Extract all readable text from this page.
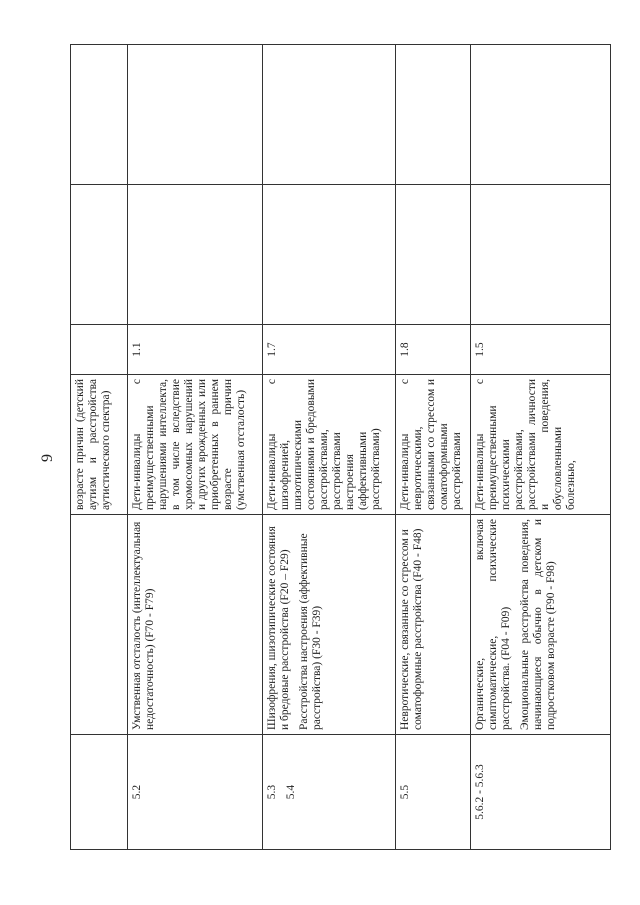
9
		возрасте причин (детский аутизм и расстройства аутистического спектра)			
5.2	Умственная отсталость (интеллектуальная недостаточность) (F70 - F79)	Дети-инвалиды с преимущественными нарушениями интеллекта, в том числе вследствие хромосомных нарушений и других врожденных или приобретенных в раннем возрасте причин (умственная отсталость)	1.1		

5.3 5.4	Шизофрения, шизотипические состояния и бредовые расстройства (F20 – F29) Расстройства настроения (аффективные расстройства) (F30 - F39)	Дети-инвалиды с шизофренией, шизотипическими состояниями и бредовыми расстройствами, расстройствами настроения (аффективными расстройствами)	1.7		
5.5	Невротические, связанные со стрессом и соматоформные расстройства (F40 - F48)	Дети-инвалиды с невротическими, связанными со стрессом и соматоформными расстройствами	1.8		
5.6.2 - 5.6.3	Органические, включая симптоматические, психические расстройства. (F04 - F09) Эмоциональные расстройства поведения, начинающиеся обычно в детском и подростковом возрасте (F90 - F98)	Дети-инвалиды с преимущественными психическими расстройствами, расстройствами личности и поведения, обусловленными болезнью,	1.5		
